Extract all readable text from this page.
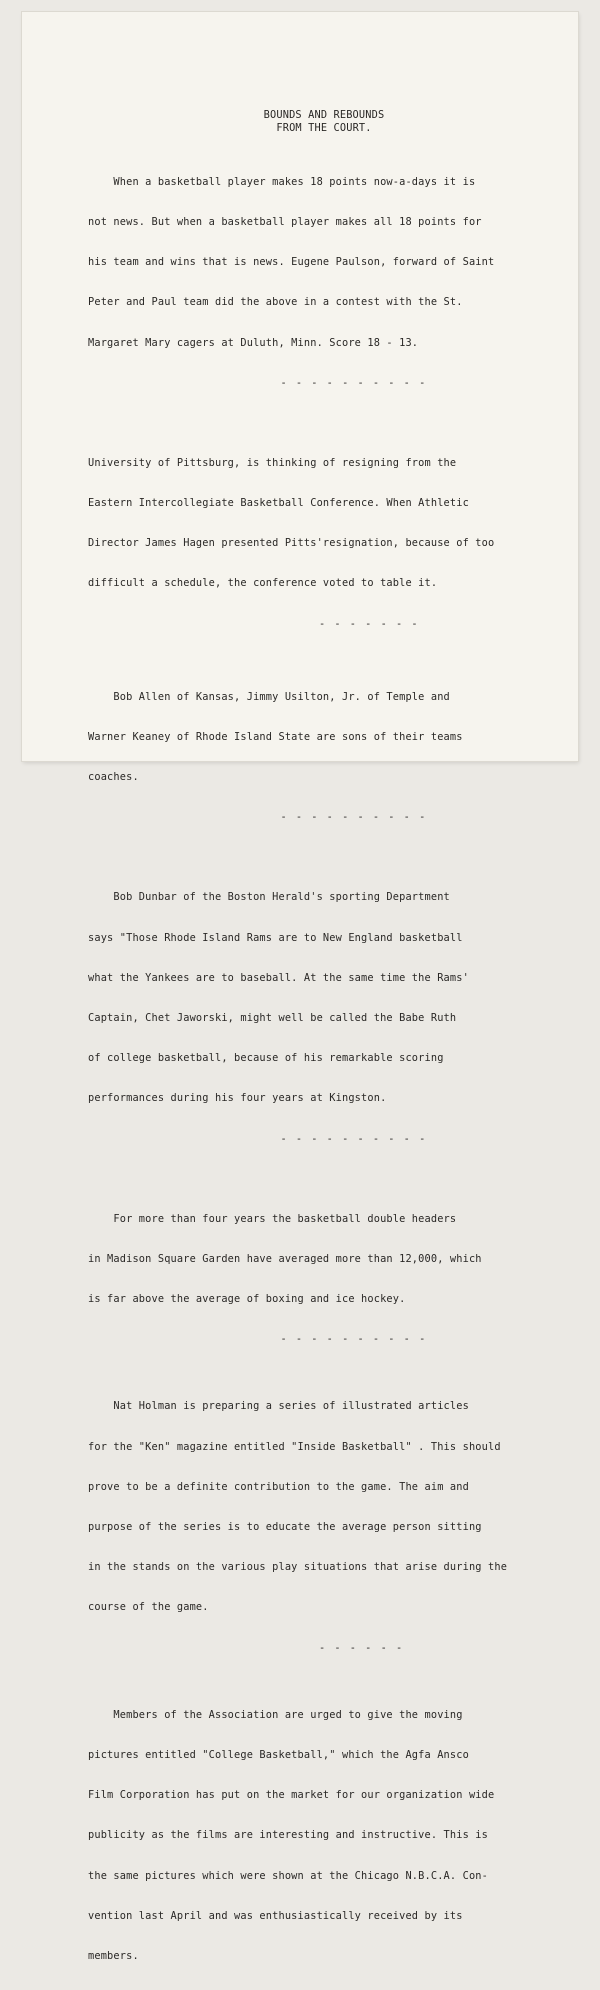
BOUNDS AND REBOUNDS
FROM THE COURT.

When a basketball player makes 18 points now-a-days it is

not news. But when a basketball player makes all 18 points for

his team and wins that is news. Eugene Paulson, forward of Saint

Peter and Paul team did the above in a contest with the St.

Margaret Mary cagers at Duluth, Minn. Score 18 - 13.

- - - - - - - - - -

University of Pittsburg, is thinking of resigning from the

Eastern Intercollegiate Basketball Conference. When Athletic

Director James Hagen presented Pitts'resignation, because of too

difficult a schedule, the conference voted to table it.

- - - - - - -

Bob Allen of Kansas, Jimmy Usilton, Jr. of Temple and

Warner Keaney of Rhode Island State are sons of their teams

coaches.

- - - - - - - - - -

Bob Dunbar of the Boston Herald's sporting Department

says "Those Rhode Island Rams are to New England basketball

what the Yankees are to baseball. At the same time the Rams'

Captain, Chet Jaworski, might well be called the Babe Ruth

of college basketball, because of his remarkable scoring

performances during his four years at Kingston.

- - - - - - - - - -

For more than four years the basketball double headers

in Madison Square Garden have averaged more than 12,000, which

is far above the average of boxing and ice hockey.

- - - - - - - - - -

Nat Holman is preparing a series of illustrated articles

for the "Ken" magazine entitled "Inside Basketball" . This should

prove to be a definite contribution to the game. The aim and

purpose of the series is to educate the average person sitting

in the stands on the various play situations that arise during the

course of the game.

- - - - - -

Members of the Association are urged to give the moving

pictures entitled "College Basketball," which the Agfa Ansco

Film Corporation has put on the market for our organization wide

publicity as the films are interesting and instructive. This is

the same pictures which were shown at the Chicago N.B.C.A. Con-

vention last April and was enthusiastically received by its

members.
